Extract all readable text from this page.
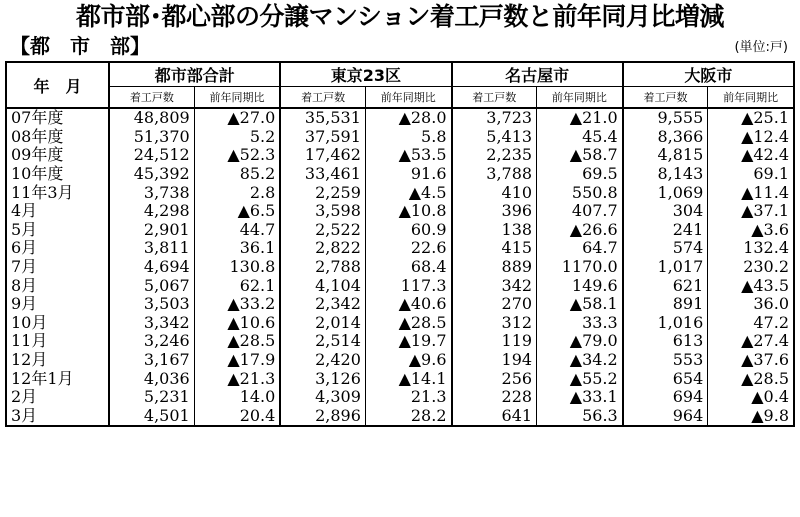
都市部･都心部の分譲マンション着工戸数と前年同月比増減
【都　市　部】	(単位:戸)
年　月	都市部合計		東京23区		名古屋市		大阪市	
	着工戸数	前年同期比	着工戸数	前年同期比	着工戸数	前年同期比	着工戸数	前年同期比
07年度	48,809	▲27.0	35,531	▲28.0	3,723	▲21.0	9,555	▲25.1
08年度	51,370	5.2	37,591	5.8	5,413	45.4	8,366	▲12.4
09年度	24,512	▲52.3	17,462	▲53.5	2,235	▲58.7	4,815	▲42.4
10年度	45,392	85.2	33,461	91.6	3,788	69.5	8,143	69.1
11年3月	3,738	2.8	2,259	▲4.5	410	550.8	1,069	▲11.4
4月	4,298	▲6.5	3,598	▲10.8	396	407.7	304	▲37.1
5月	2,901	44.7	2,522	60.9	138	▲26.6	241	▲3.6
6月	3,811	36.1	2,822	22.6	415	64.7	574	132.4
7月	4,694	130.8	2,788	68.4	889	1170.0	1,017	230.2
8月	5,067	62.1	4,104	117.3	342	149.6	621	▲43.5
9月	3,503	▲33.2	2,342	▲40.6	270	▲58.1	891	36.0
10月	3,342	▲10.6	2,014	▲28.5	312	33.3	1,016	47.2
11月	3,246	▲28.5	2,514	▲19.7	119	▲79.0	613	▲27.4
12月	3,167	▲17.9	2,420	▲9.6	194	▲34.2	553	▲37.6
12年1月	4,036	▲21.3	3,126	▲14.1	256	▲55.2	654	▲28.5
2月	5,231	14.0	4,309	21.3	228	▲33.1	694	▲0.4
3月	4,501	20.4	2,896	28.2	641	56.3	964	▲9.8
